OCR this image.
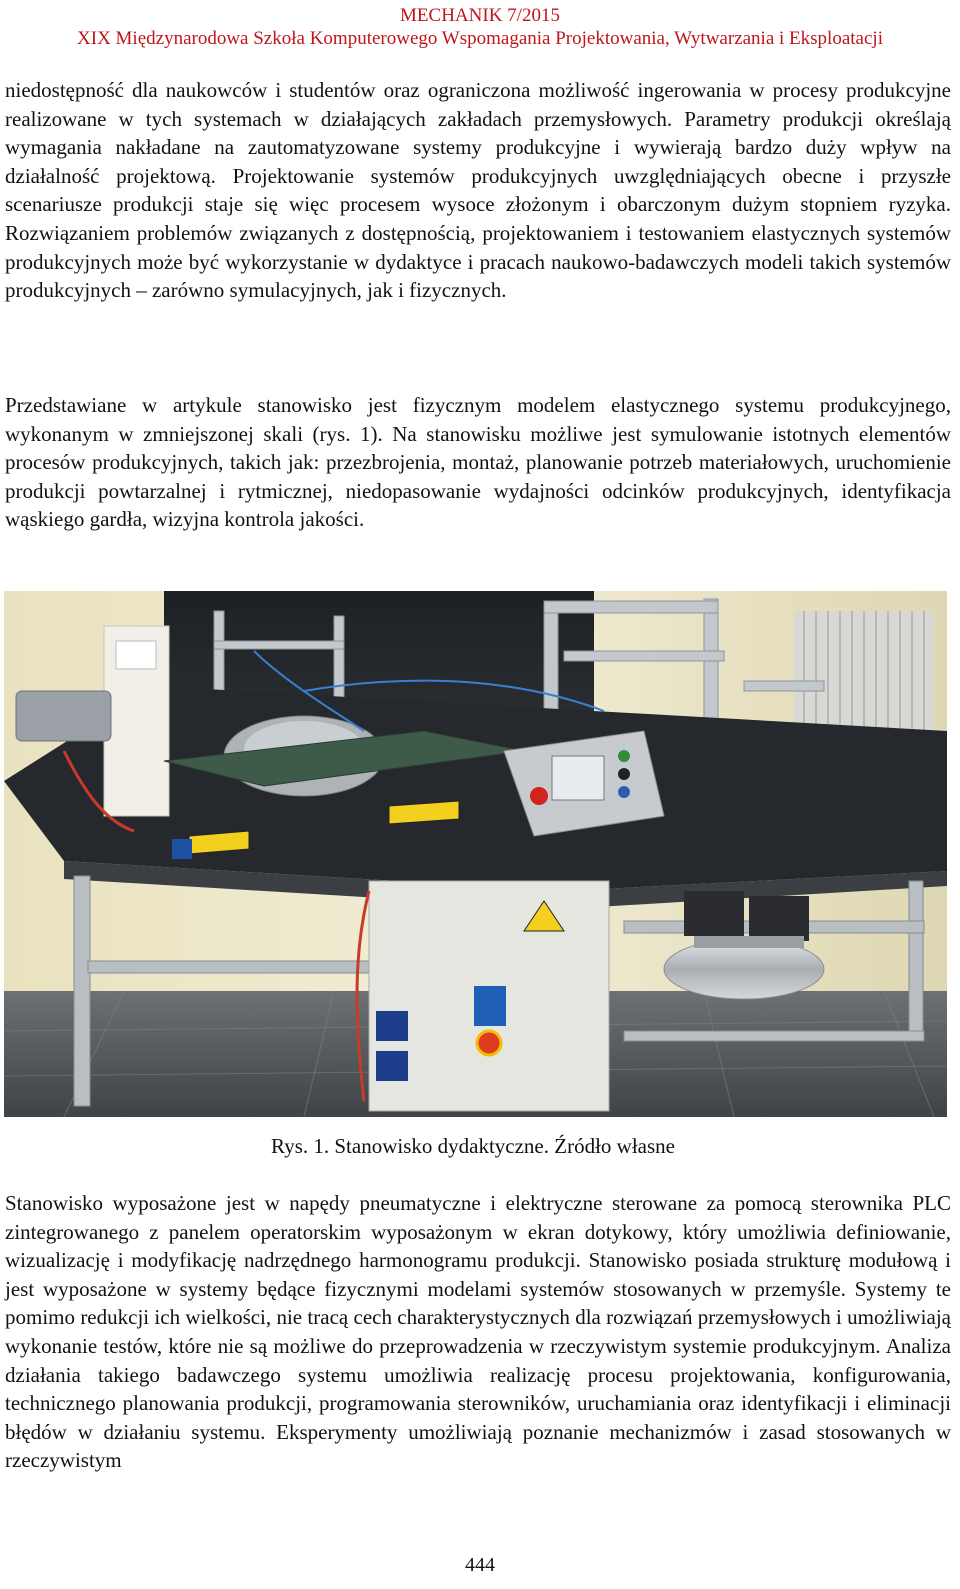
MECHANIK 7/2015
XIX Międzynarodowa Szkoła Komputerowego Wspomagania Projektowania, Wytwarzania i Eksploatacji

niedostępność dla naukowców i studentów oraz ograniczona możliwość ingerowania w procesy produkcyjne realizowane w tych systemach w działających zakładach przemysłowych. Parametry produkcji określają wymagania nakładane na zautomatyzowane systemy produkcyjne i wywierają bardzo duży wpływ na działalność projektową. Projektowanie systemów produkcyjnych uwzględniających obecne i przyszłe scenariusze produkcji staje się więc procesem wysoce złożonym i obarczonym dużym stopniem ryzyka. Rozwiązaniem problemów związanych z dostępnością, projektowaniem i testowaniem elastycznych systemów produkcyjnych może być wykorzystanie w dydaktyce i pracach naukowo-badawczych modeli takich systemów produkcyjnych – zarówno symulacyjnych, jak i fizycznych.

Przedstawiane w artykule stanowisko jest fizycznym modelem elastycznego systemu produkcyjnego, wykonanym w zmniejszonej skali (rys. 1). Na stanowisku możliwe jest symulowanie istotnych elementów procesów produkcyjnych, takich jak: przezbrojenia, montaż, planowanie potrzeb materiałowych, uruchomienie produkcji powtarzalnej i rytmicznej, niedopasowanie wydajności odcinków produkcyjnych, identyfikacja wąskiego gardła, wizyjna kontrola jakości.

Rys. 1. Stanowisko dydaktyczne. Źródło własne

Stanowisko wyposażone jest w napędy pneumatyczne i elektryczne sterowane za pomocą sterownika PLC zintegrowanego z panelem operatorskim wyposażonym w ekran dotykowy, który umożliwia definiowanie, wizualizację i modyfikację nadrzędnego harmonogramu produkcji. Stanowisko posiada strukturę modułową i jest wyposażone w systemy będące fizycznymi modelami systemów stosowanych w przemyśle. Systemy te pomimo redukcji ich wielkości, nie tracą cech charakterystycznych dla rozwiązań przemysłowych i umożliwiają wykonanie testów, które nie są możliwe do przeprowadzenia w rzeczywistym systemie produkcyjnym. Analiza działania takiego badawczego systemu umożliwia realizację procesu projektowania, konfigurowania, technicznego planowania produkcji, programowania sterowników, uruchamiania oraz identyfikacji i eliminacji błędów w działaniu systemu. Eksperymenty umożliwiają poznanie mechanizmów i zasad stosowanych w rzeczywistym

444
